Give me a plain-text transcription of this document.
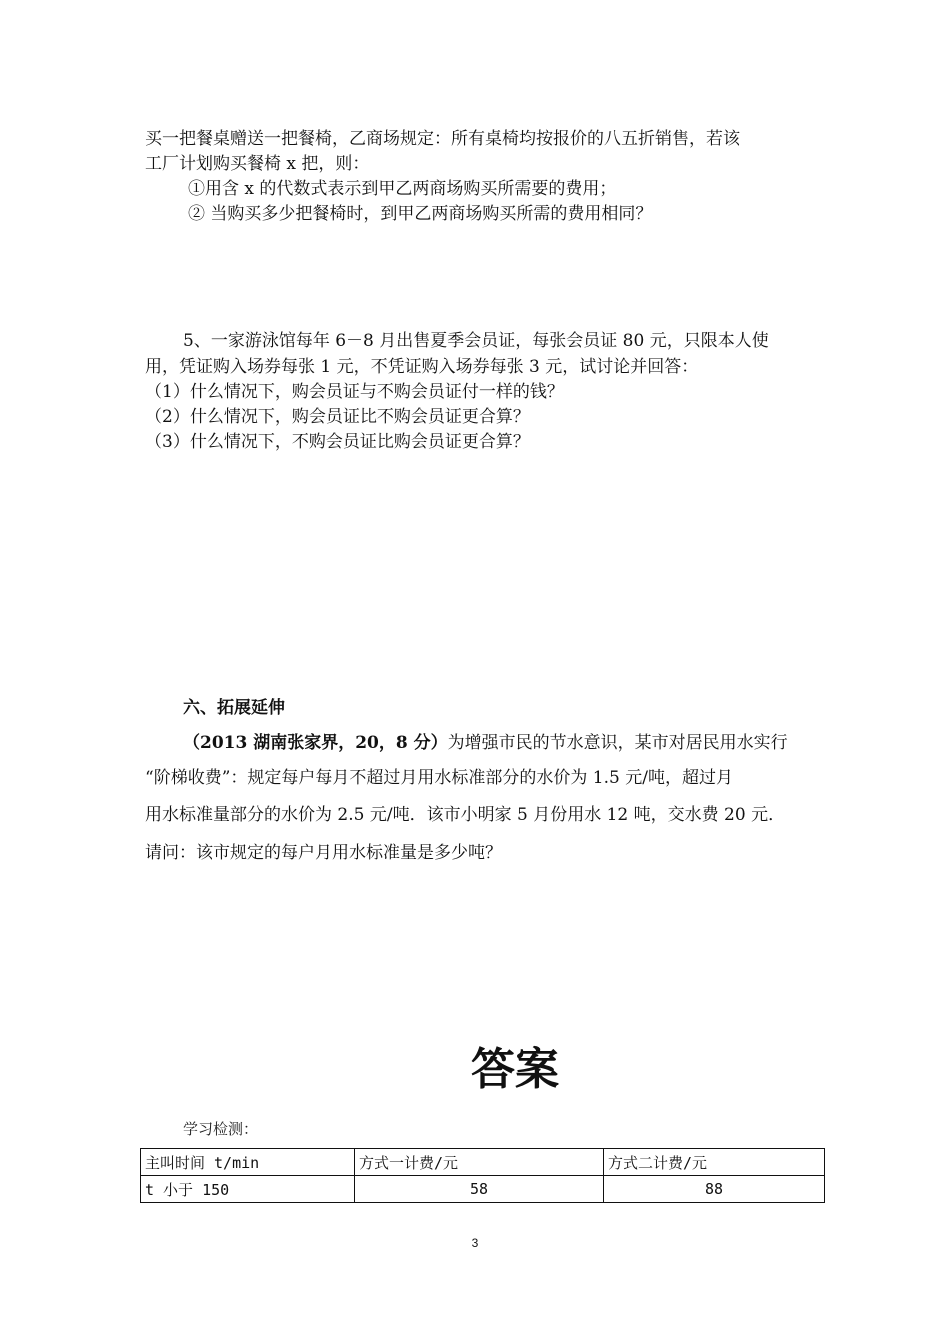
买一把餐桌赠送一把餐椅，乙商场规定：所有桌椅均按报价的八五折销售，若该
工厂计划购买餐椅 x 把，则：
①用含 x 的代数式表示到甲乙两商场购买所需要的费用；
② 当购买多少把餐椅时，到甲乙两商场购买所需的费用相同？
5、一家游泳馆每年 6－8 月出售夏季会员证，每张会员证 80 元，只限本人使
用，凭证购入场券每张 1 元，不凭证购入场券每张 3 元，试讨论并回答：
（1）什么情况下，购会员证与不购会员证付一样的钱？
（2）什么情况下，购会员证比不购会员证更合算？
（3）什么情况下，不购会员证比购会员证更合算？
六、拓展延伸
（2013 湖南张家界，20，8 分）为增强市民的节水意识，某市对居民用水实行
“阶梯收费”：规定每户每月不超过月用水标准部分的水价为 1.5 元/吨，超过月
用水标准量部分的水价为 2.5 元/吨．该市小明家 5 月份用水 12 吨，交水费 20 元．
请问：该市规定的每户月用水标准量是多少吨？
答案
学习检测：
主叫时间 t/min	方式一计费/元	方式二计费/元
t 小于 150	58	88
3
